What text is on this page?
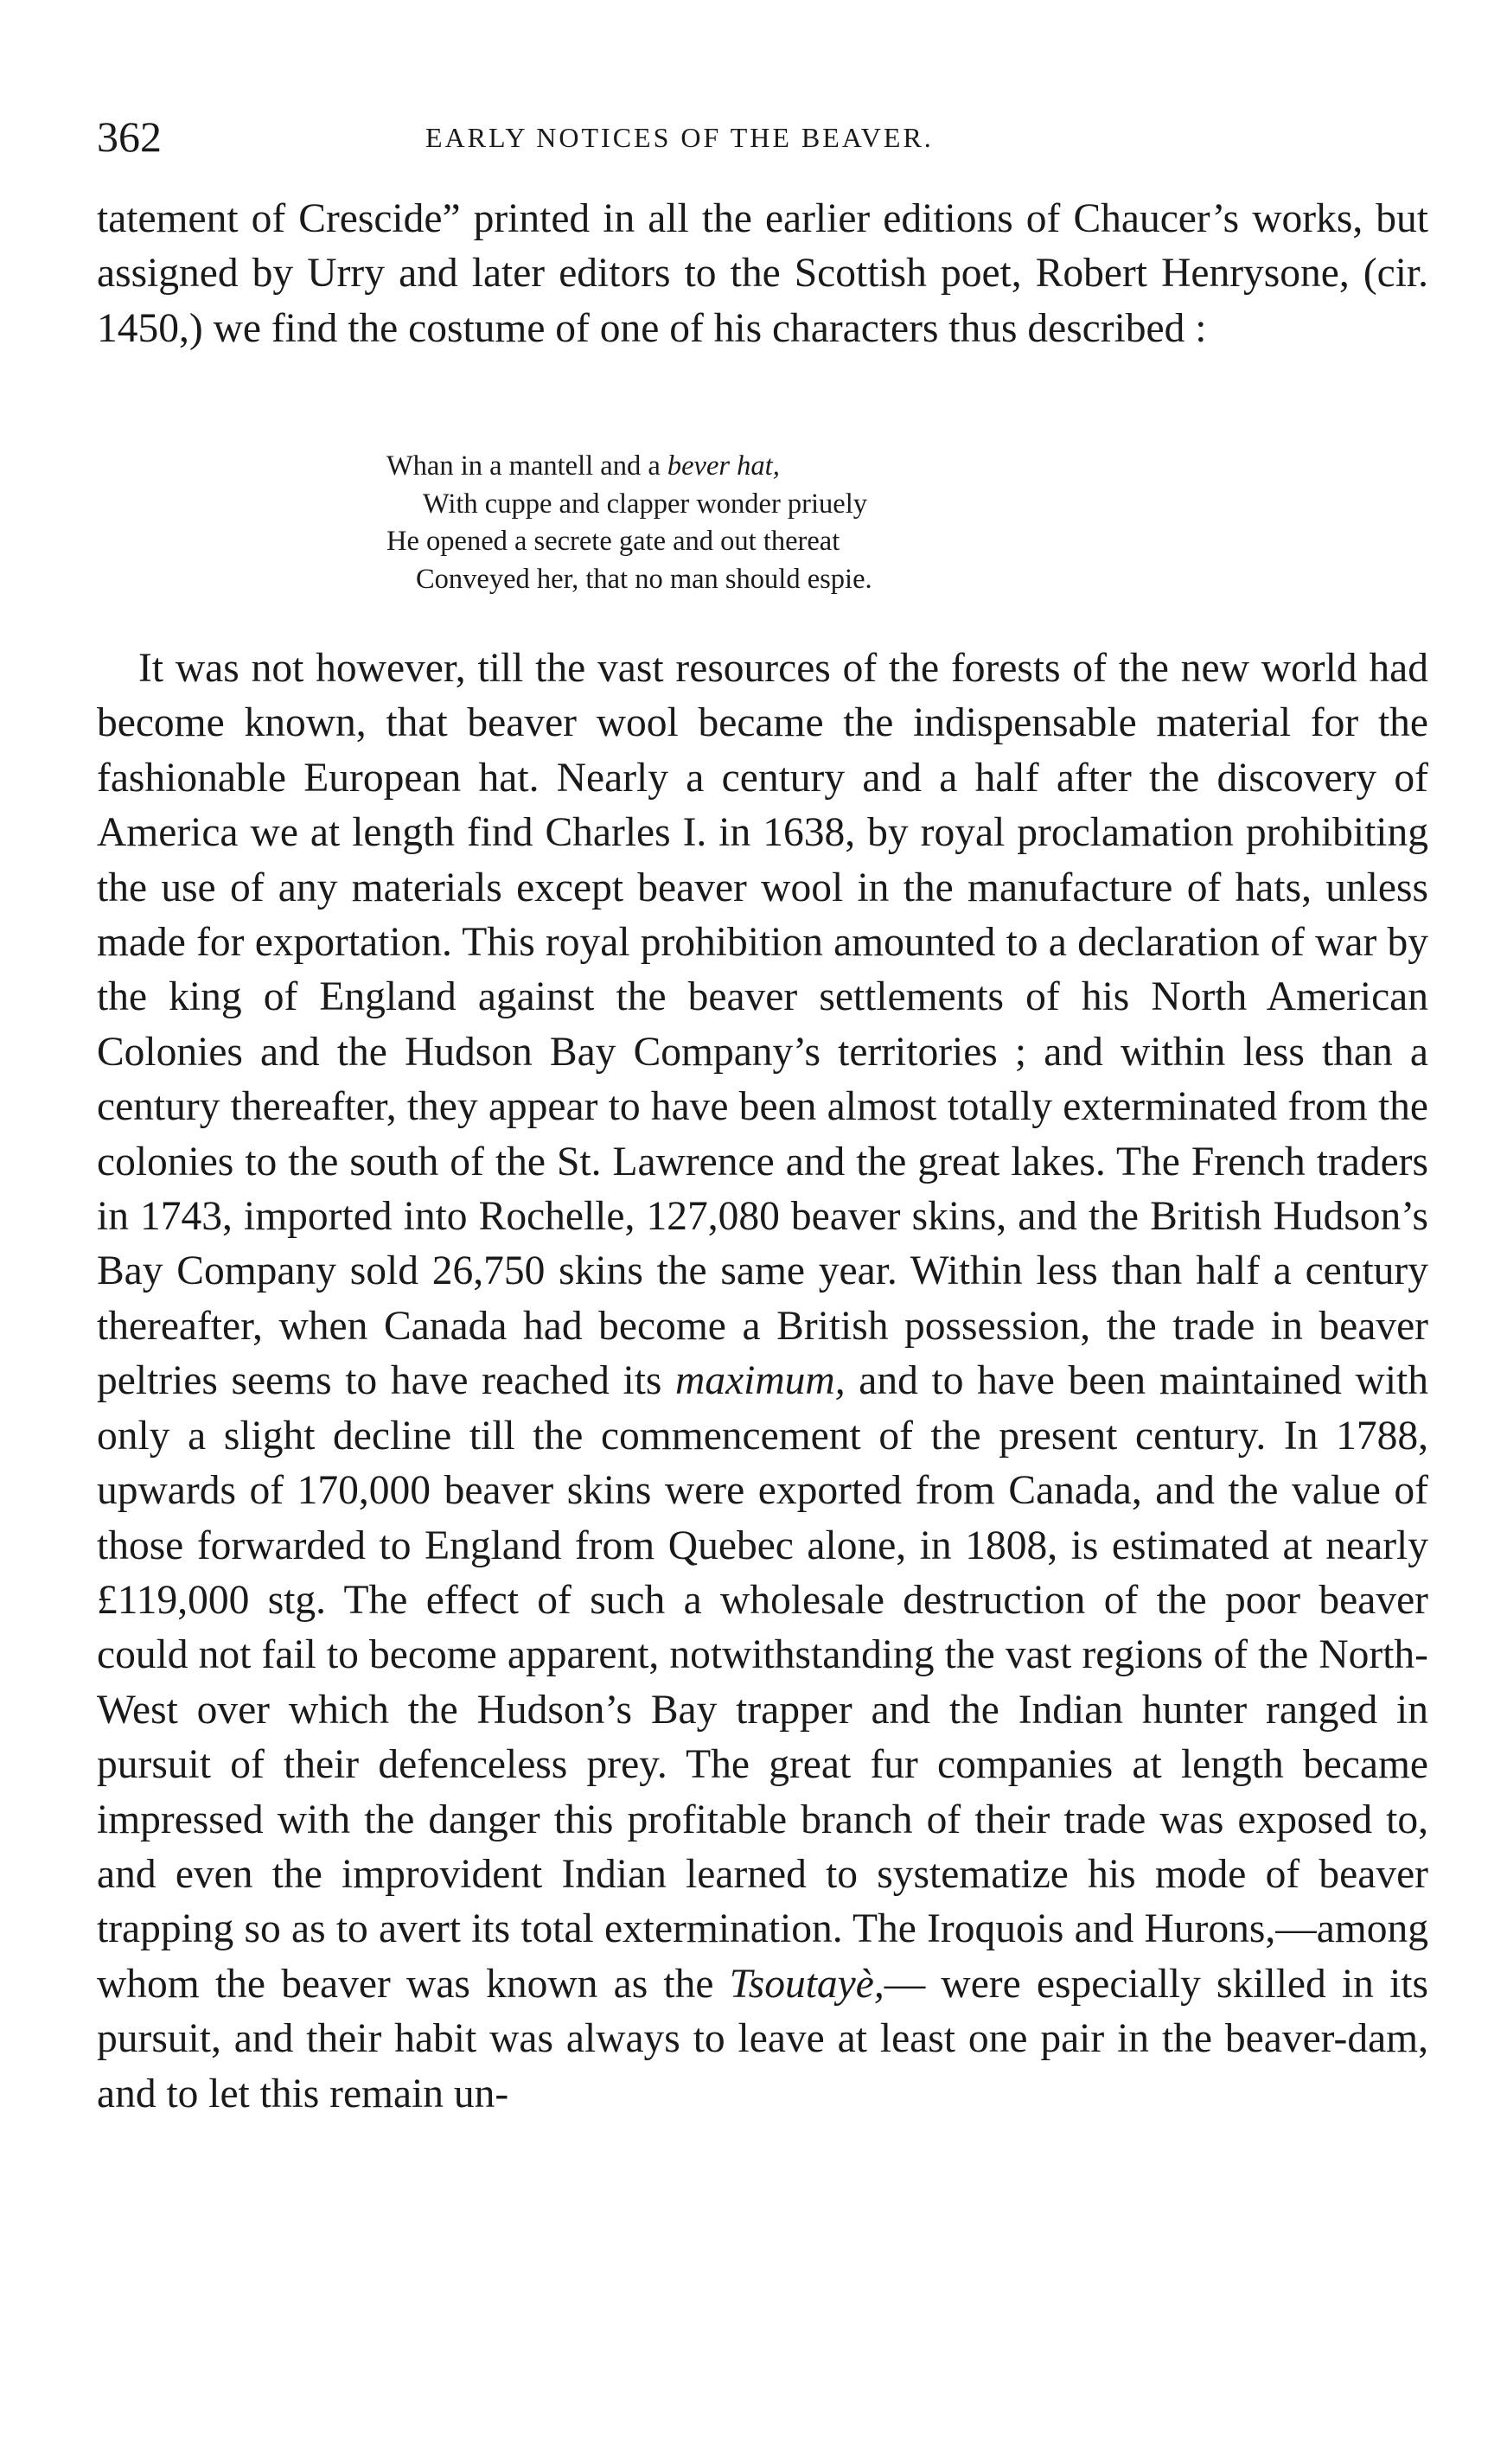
362	EARLY NOTICES OF THE BEAVER.

tatement of Crescide” printed in all the earlier editions of Chaucer’s works, but assigned by Urry and later editors to the Scottish poet, Robert Henrysone, (cir. 1450,) we find the costume of one of his characters thus described :

Whan in a mantell and a bever hat,
With cuppe and clapper wonder priuely
He opened a secrete gate and out thereat
Conveyed her, that no man should espie.

It was not however, till the vast resources of the forests of the new world had become known, that beaver wool became the indispensable material for the fashionable European hat. Nearly a century and a half after the discovery of America we at length find Charles I. in 1638, by royal proclamation prohibiting the use of any materials except beaver wool in the manufacture of hats, unless made for exportation. This royal prohibition amounted to a declaration of war by the king of England against the beaver settlements of his North American Colonies and the Hudson Bay Company’s territories ; and within less than a century thereafter, they appear to have been almost totally exterminated from the colonies to the south of the St. Lawrence and the great lakes. The French traders in 1743, imported into Rochelle, 127,080 beaver skins, and the British Hudson’s Bay Company sold 26,750 skins the same year. Within less than half a century thereafter, when Canada had become a British possession, the trade in beaver peltries seems to have reached its maximum, and to have been maintained with only a slight decline till the commencement of the present century. In 1788, upwards of 170,000 beaver skins were exported from Canada, and the value of those forwarded to England from Quebec alone, in 1808, is estimated at nearly £119,000 stg. The effect of such a wholesale destruction of the poor beaver could not fail to become apparent, notwithstanding the vast regions of the North-West over which the Hudson’s Bay trapper and the Indian hunter ranged in pursuit of their defenceless prey. The great fur companies at length became impressed with the danger this profitable branch of their trade was exposed to, and even the improvident Indian learned to systematize his mode of beaver trapping so as to avert its total extermination. The Iroquois and Hurons,—among whom the beaver was known as the Tsoutayè,— were especially skilled in its pursuit, and their habit was always to leave at least one pair in the beaver-dam, and to let this remain un-
